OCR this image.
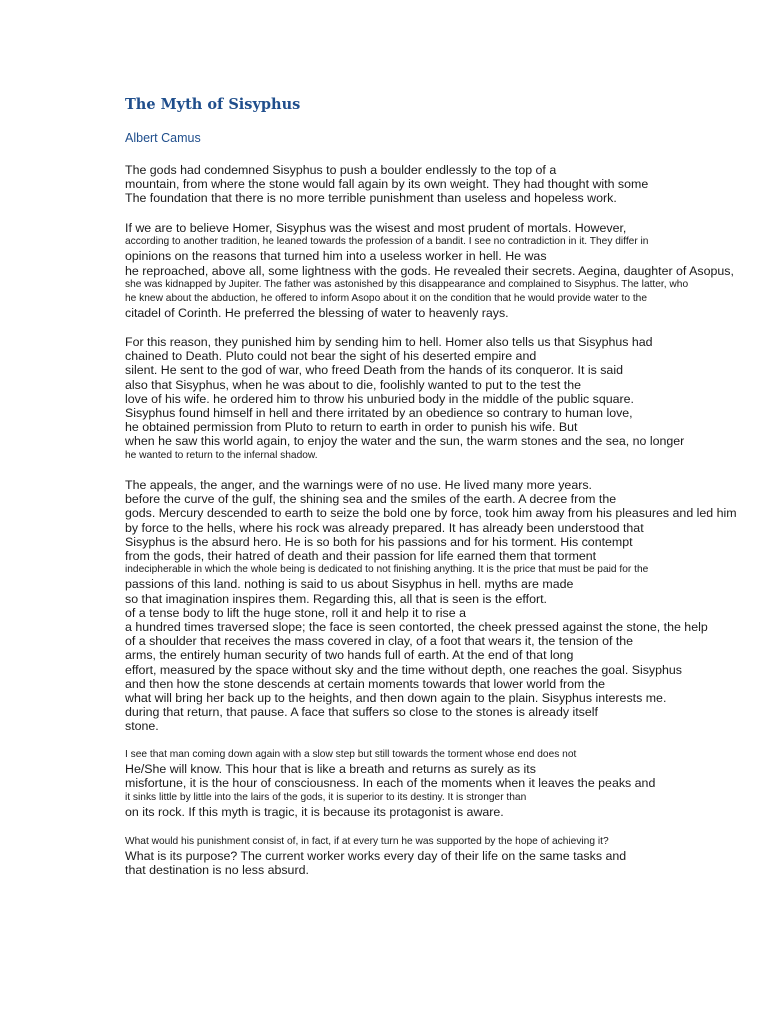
The Myth of Sisyphus
Albert Camus
The gods had condemned Sisyphus to push a boulder endlessly to the top of a
mountain, from where the stone would fall again by its own weight. They had thought with some
The foundation that there is no more terrible punishment than useless and hopeless work.
If we are to believe Homer, Sisyphus was the wisest and most prudent of mortals. However,
according to another tradition, he leaned towards the profession of a bandit. I see no contradiction in it. They differ in
opinions on the reasons that turned him into a useless worker in hell. He was
he reproached, above all, some lightness with the gods. He revealed their secrets. Aegina, daughter of Asopus,
she was kidnapped by Jupiter. The father was astonished by this disappearance and complained to Sisyphus. The latter, who
he knew about the abduction, he offered to inform Asopo about it on the condition that he would provide water to the
citadel of Corinth. He preferred the blessing of water to heavenly rays.
For this reason, they punished him by sending him to hell. Homer also tells us that Sisyphus had
chained to Death. Pluto could not bear the sight of his deserted empire and
silent. He sent to the god of war, who freed Death from the hands of its conqueror. It is said
also that Sisyphus, when he was about to die, foolishly wanted to put to the test the
love of his wife. he ordered him to throw his unburied body in the middle of the public square.
Sisyphus found himself in hell and there irritated by an obedience so contrary to human love,
he obtained permission from Pluto to return to earth in order to punish his wife. But
when he saw this world again, to enjoy the water and the sun, the warm stones and the sea, no longer
he wanted to return to the infernal shadow.
The appeals, the anger, and the warnings were of no use. He lived many more years.
before the curve of the gulf, the shining sea and the smiles of the earth. A decree from the
gods. Mercury descended to earth to seize the bold one by force, took him away from his pleasures and led him
by force to the hells, where his rock was already prepared. It has already been understood that
Sisyphus is the absurd hero. He is so both for his passions and for his torment. His contempt
from the gods, their hatred of death and their passion for life earned them that torment
indecipherable in which the whole being is dedicated to not finishing anything. It is the price that must be paid for the
passions of this land. nothing is said to us about Sisyphus in hell. myths are made
so that imagination inspires them. Regarding this, all that is seen is the effort.
of a tense body to lift the huge stone, roll it and help it to rise a
a hundred times traversed slope; the face is seen contorted, the cheek pressed against the stone, the help
of a shoulder that receives the mass covered in clay, of a foot that wears it, the tension of the
arms, the entirely human security of two hands full of earth. At the end of that long
effort, measured by the space without sky and the time without depth, one reaches the goal. Sisyphus
and then how the stone descends at certain moments towards that lower world from the
what will bring her back up to the heights, and then down again to the plain. Sisyphus interests me.
during that return, that pause. A face that suffers so close to the stones is already itself
stone.
I see that man coming down again with a slow step but still towards the torment whose end does not
He/She will know. This hour that is like a breath and returns as surely as its
misfortune, it is the hour of consciousness. In each of the moments when it leaves the peaks and
it sinks little by little into the lairs of the gods, it is superior to its destiny. It is stronger than
on its rock. If this myth is tragic, it is because its protagonist is aware.
What would his punishment consist of, in fact, if at every turn he was supported by the hope of achieving it?
What is its purpose? The current worker works every day of their life on the same tasks and
that destination is no less absurd.
